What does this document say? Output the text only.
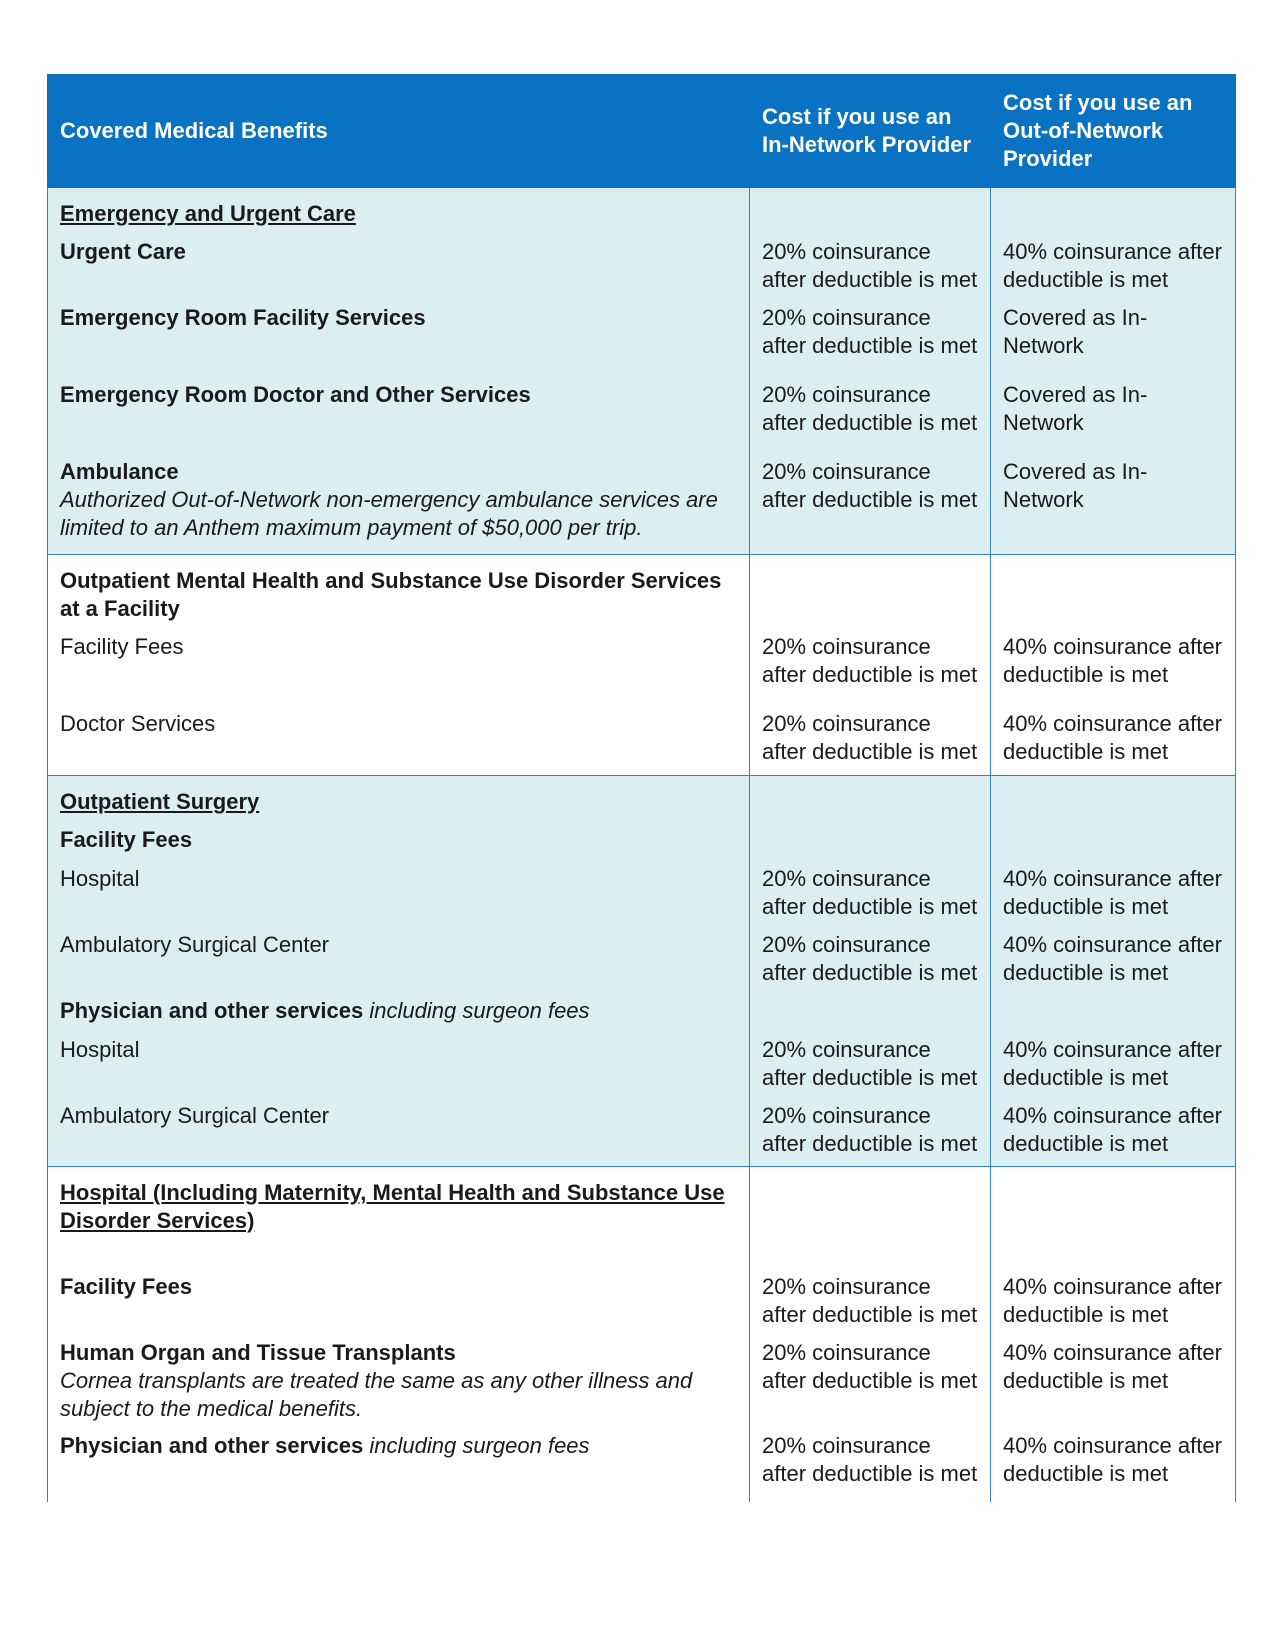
Covered Medical Benefits	Cost if you use an In-Network Provider	Cost if you use an Out-of-Network Provider

Emergency and Urgent Care		
Urgent Care	20% coinsurance after deductible is met	40% coinsurance after deductible is met
Emergency Room Facility Services	20% coinsurance after deductible is met	Covered as In-Network
Emergency Room Doctor and Other Services	20% coinsurance after deductible is met	Covered as In-Network

Ambulance
Authorized Out-of-Network non-emergency ambulance services are limited to an Anthem maximum payment of $50,000 per trip.	20% coinsurance after deductible is met	Covered as In-Network

Outpatient Mental Health and Substance Use Disorder Services at a Facility		
Facility Fees	20% coinsurance after deductible is met	40% coinsurance after deductible is met
Doctor Services	20% coinsurance after deductible is met	40% coinsurance after deductible is met

Outpatient Surgery		
Facility Fees		
Hospital	20% coinsurance after deductible is met	40% coinsurance after deductible is met
Ambulatory Surgical Center	20% coinsurance after deductible is met	40% coinsurance after deductible is met
Physician and other services including surgeon fees		
Hospital	20% coinsurance after deductible is met	40% coinsurance after deductible is met
Ambulatory Surgical Center	20% coinsurance after deductible is met	40% coinsurance after deductible is met

Hospital (Including Maternity, Mental Health and Substance Use Disorder Services)		
Facility Fees	20% coinsurance after deductible is met	40% coinsurance after deductible is met

Human Organ and Tissue Transplants
Cornea transplants are treated the same as any other illness and subject to the medical benefits.	20% coinsurance after deductible is met	40% coinsurance after deductible is met
Physician and other services including surgeon fees	20% coinsurance after deductible is met	40% coinsurance after deductible is met
